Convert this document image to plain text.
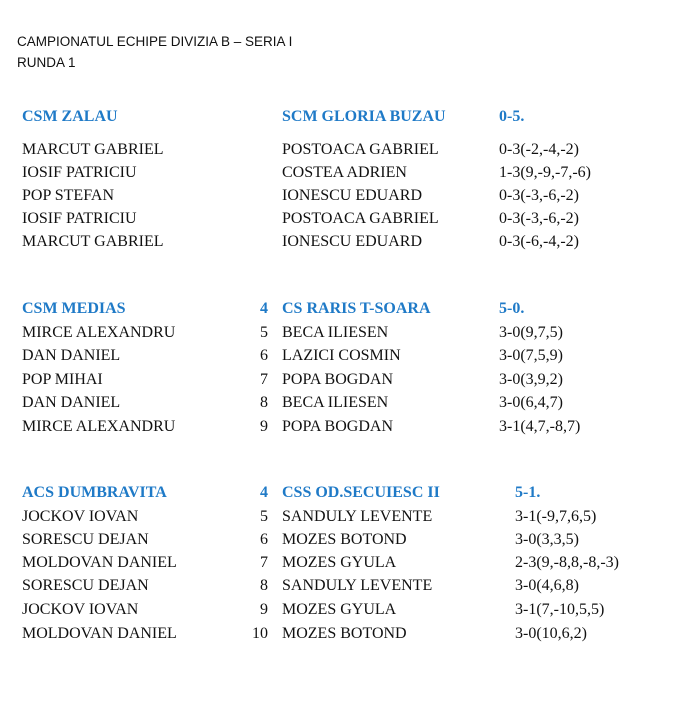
CAMPIONATUL ECHIPE DIVIZIA B – SERIA I
RUNDA 1
CSM ZALAU	SCM GLORIA BUZAU	0-5.
MARCUT GABRIEL	POSTOACA GABRIEL	0-3(-2,-4,-2)
IOSIF PATRICIU	COSTEA ADRIEN	1-3(9,-9,-7,-6)
POP STEFAN	IONESCU EDUARD	0-3(-3,-6,-2)
IOSIF PATRICIU	POSTOACA GABRIEL	0-3(-3,-6,-2)
MARCUT GABRIEL	IONESCU EDUARD	0-3(-6,-4,-2)
CSM MEDIAS	4 CS RARIS T-SOARA	5-0.
MIRCE ALEXANDRU	5 BECA ILIESEN	3-0(9,7,5)
DAN DANIEL	6 LAZICI COSMIN	3-0(7,5,9)
POP MIHAI	7 POPA BOGDAN	3-0(3,9,2)
DAN DANIEL	8 BECA ILIESEN	3-0(6,4,7)
MIRCE ALEXANDRU	9 POPA BOGDAN	3-1(4,7,-8,7)
ACS DUMBRAVITA	4 CSS OD.SECUIESC II	5-1.
JOCKOV IOVAN	5 SANDULY LEVENTE	3-1(-9,7,6,5)
SORESCU DEJAN	6 MOZES BOTOND	3-0(3,3,5)
MOLDOVAN DANIEL	7 MOZES GYULA	2-3(9,-8,8,-8,-3)
SORESCU DEJAN	8 SANDULY LEVENTE	3-0(4,6,8)
JOCKOV IOVAN	9 MOZES GYULA	3-1(7,-10,5,5)
MOLDOVAN DANIEL	10 MOZES BOTOND	3-0(10,6,2)
